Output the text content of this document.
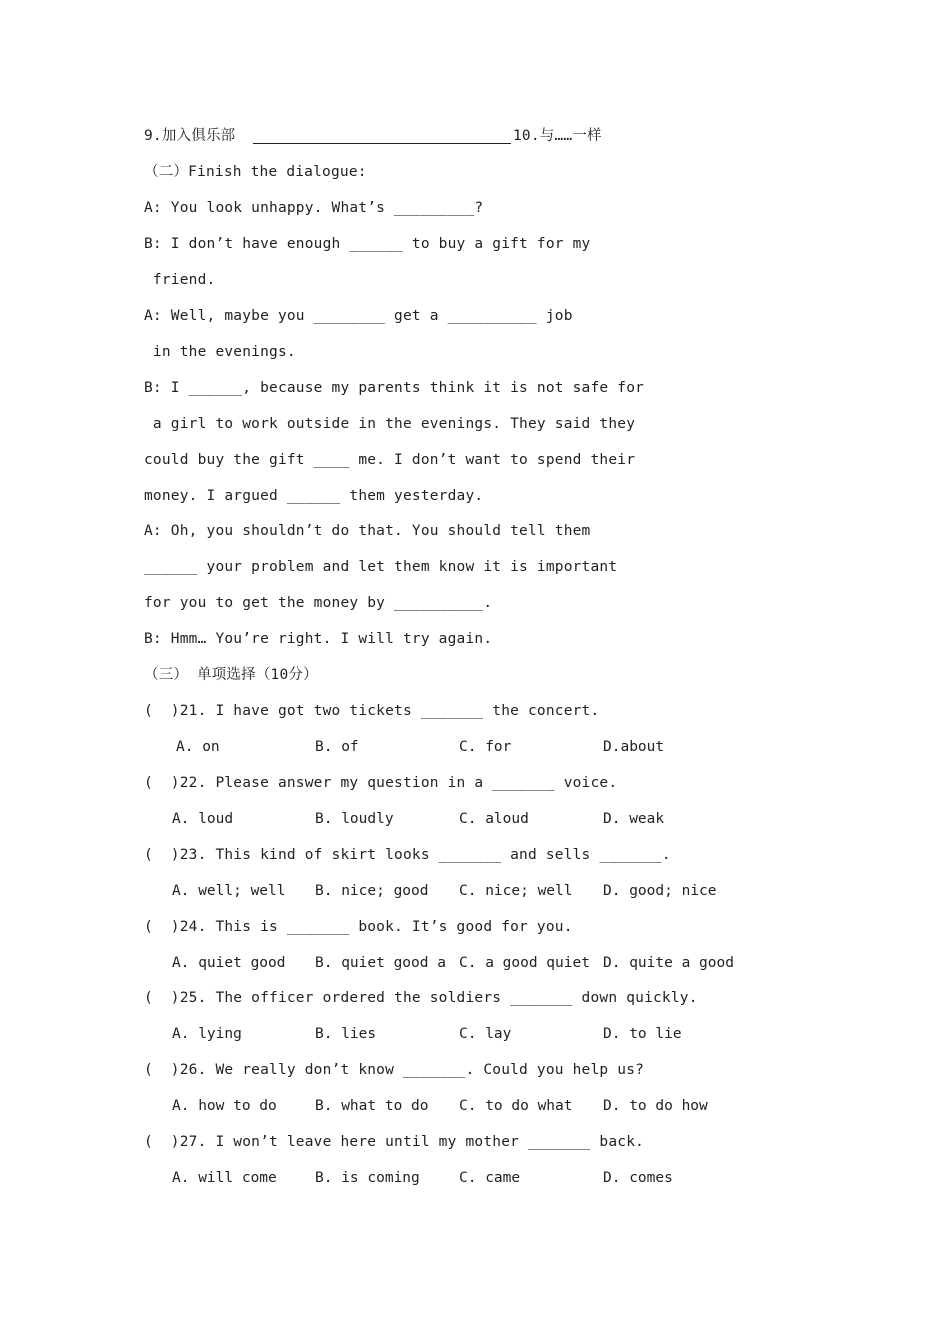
9.加入俱乐部	10.与……一样
（二）Finish the dialogue:
A: You look unhappy. What’s _________?
B: I don’t have enough ______ to buy a gift for my
friend.
A: Well, maybe you ________ get a __________ job
in the evenings.
B: I ______, because my parents think it is not safe for
a girl to work outside in the evenings. They said they
could buy the gift ____ me. I don’t want to spend their
money. I argued ______ them yesterday.
A: Oh, you shouldn’t do that. You should tell them
______ your problem and let them know it is important
for you to get the money by __________.
B: Hmm… You’re right. I will try again.
（三） 单项选择（10分）
(  )21. I have got two tickets _______ the concert.
A. on	B. of	C. for	D.about
(  )22. Please answer my question in a _______ voice.
A. loud	B. loudly	C. aloud	D. weak
(  )23. This kind of skirt looks _______ and sells _______.
A. well; well B. nice; good C. nice; well D. good; nice
(  )24. This is _______ book. It’s good for you.
A. quiet good B. quiet good a C. a good quiet D. quite a good
(  )25. The officer ordered the soldiers _______ down quickly.
A. lying	B. lies	C. lay	D. to lie
(  )26. We really don’t know _______. Could you help us?
A. how to do	B. what to do C. to do what D. to do how
(  )27. I won’t leave here until my mother _______ back.
A. will come	B. is coming	C. came	D. comes
